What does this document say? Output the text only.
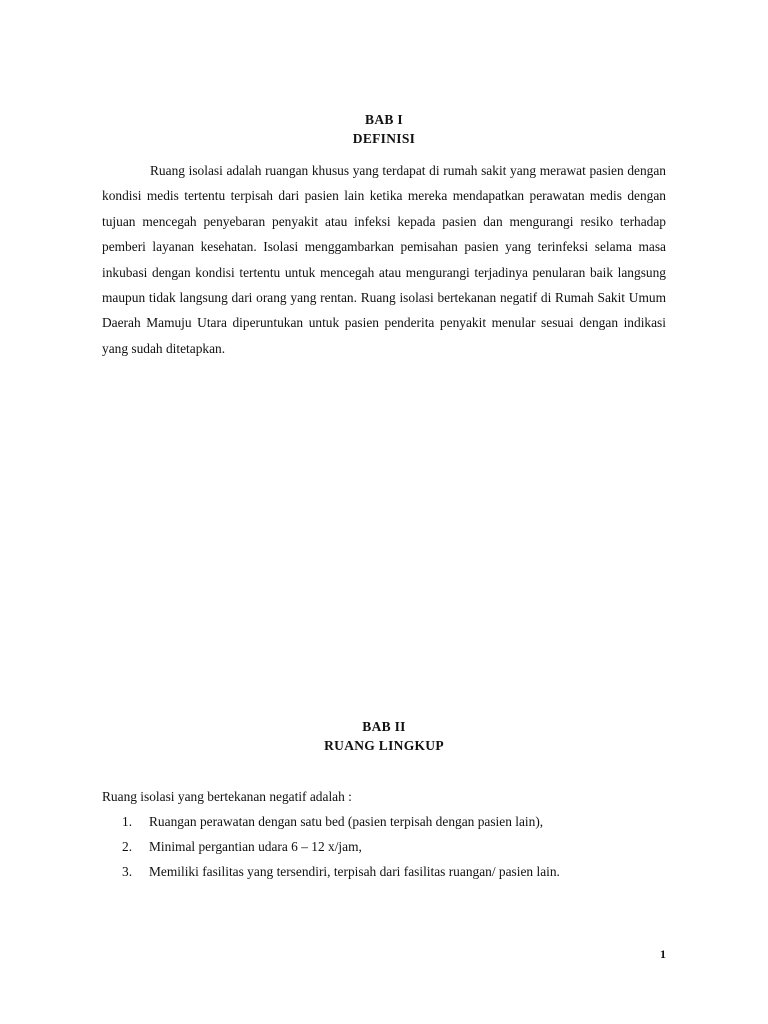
BAB I
DEFINISI

Ruang isolasi adalah ruangan khusus yang terdapat di rumah sakit yang merawat pasien dengan kondisi medis tertentu terpisah dari pasien lain ketika mereka mendapatkan perawatan medis dengan tujuan mencegah penyebaran penyakit atau infeksi kepada pasien dan mengurangi resiko terhadap pemberi layanan kesehatan. Isolasi menggambarkan pemisahan pasien yang terinfeksi selama masa inkubasi dengan kondisi tertentu untuk mencegah atau mengurangi terjadinya penularan baik langsung maupun tidak langsung dari orang yang rentan. Ruang isolasi bertekanan negatif di Rumah Sakit Umum Daerah Mamuju Utara diperuntukan untuk pasien penderita penyakit menular sesuai dengan indikasi yang sudah ditetapkan.

BAB II
RUANG LINGKUP
Ruang isolasi yang bertekanan negatif adalah :
1. Ruangan perawatan dengan satu bed (pasien terpisah dengan pasien lain),
2. Minimal pergantian udara 6 – 12 x/jam,
3. Memiliki fasilitas yang tersendiri, terpisah dari fasilitas ruangan/ pasien lain.
1
